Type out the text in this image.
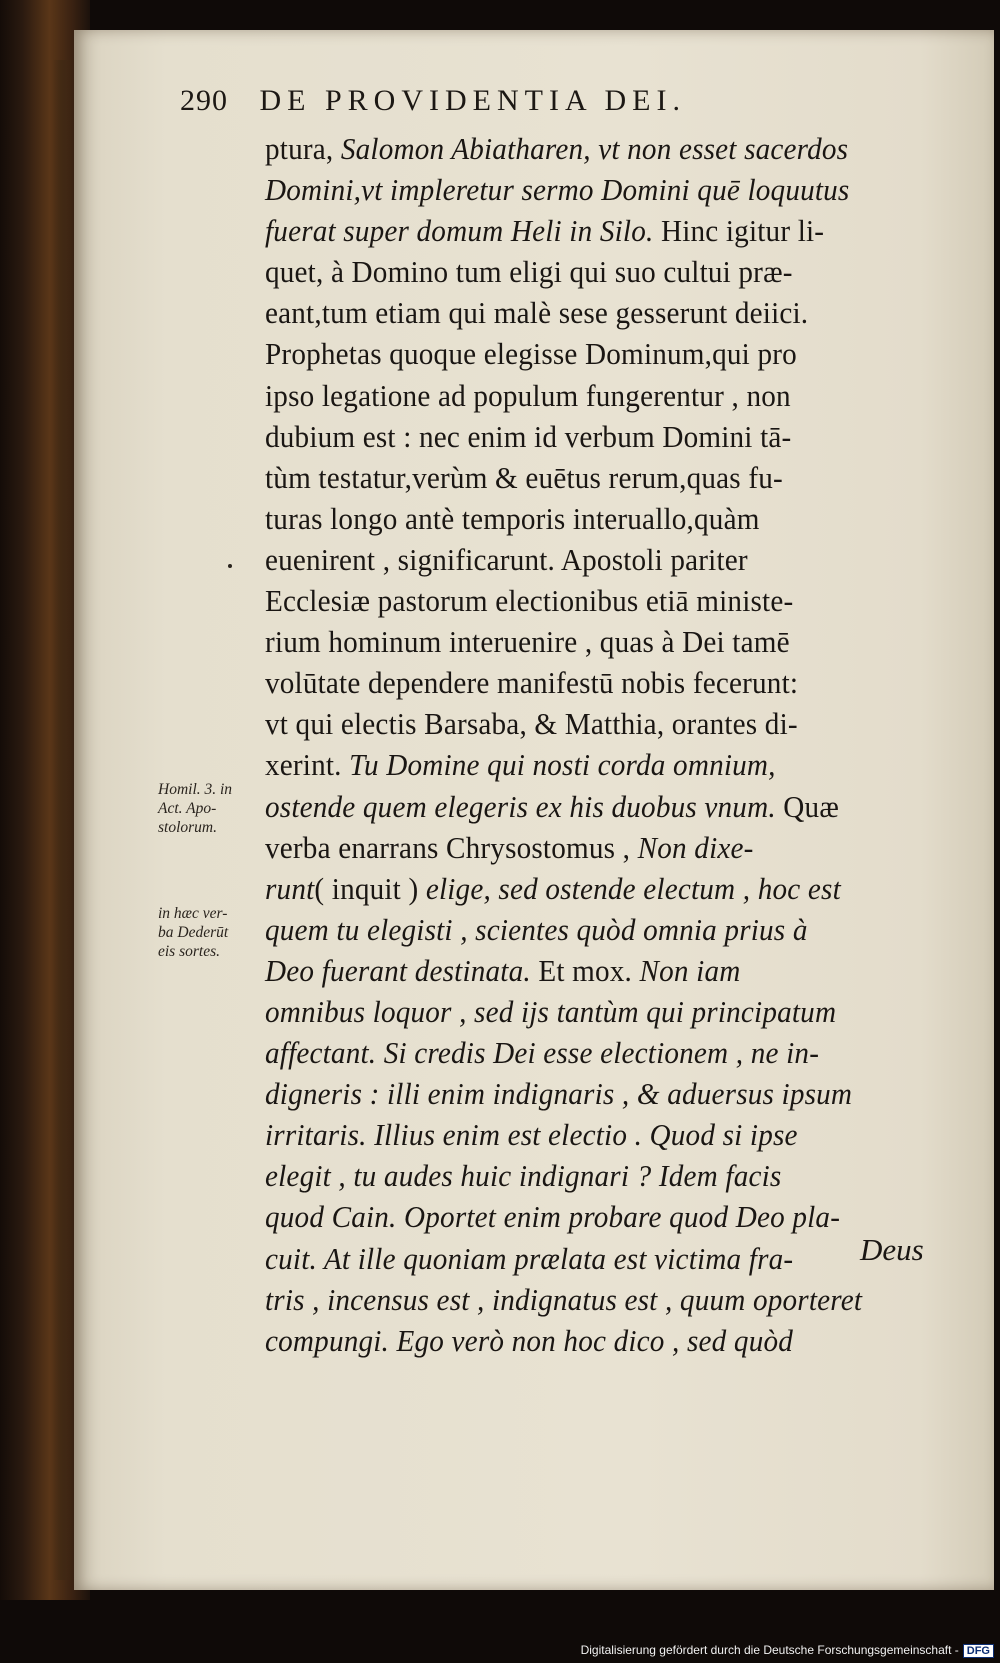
290 DE PROVIDENTIA DEI.
ptura, Salomon Abiatharen, vt non esset sacerdos
Domini,vt impleretur sermo Domini quē loquutus
fuerat super domum Heli in Silo. Hinc igitur li-
quet, à Domino tum eligi qui suo cultui præ-
eant,tum etiam qui malè sese gesserunt deiici.
Prophetas quoque elegisse Dominum,qui pro
ipso legatione ad populum fungerentur , non
dubium est : nec enim id verbum Domini tā-
tùm testatur,verùm & euētus rerum,quas fu-
turas longo antè temporis interuallo,quàm
euenirent , significarunt. Apostoli pariter
Ecclesiæ pastorum electionibus etiā ministe-
rium hominum interuenire , quas à Dei tamē
volūtate dependere manifestū nobis fecerunt:
vt qui electis Barsaba, & Matthia, orantes di-
xerint. Tu Domine qui nosti corda omnium,
ostende quem elegeris ex his duobus vnum. Quæ
verba enarrans Chrysostomus , Non dixe-
runt( inquit ) elige, sed ostende electum , hoc est
quem tu elegisti , scientes quòd omnia prius à
Deo fuerant destinata. Et mox. Non iam
omnibus loquor , sed ijs tantùm qui principatum
affectant. Si credis Dei esse electionem , ne in-
digneris : illi enim indignaris , & aduersus ipsum
irritaris. Illius enim est electio . Quod si ipse
elegit , tu audes huic indignari ? Idem facis
quod Cain. Oportet enim probare quod Deo pla-
cuit. At ille quoniam prælata est victima fra-
tris , incensus est , indignatus est , quum oporteret
compungi. Ego verò non hoc dico , sed quòd
Deus
Homil. 3. in
Act. Apo-
stolorum.
in hæc ver-
ba Dederūt
eis sortes.
Digitalisierung gefördert durch die Deutsche Forschungsgemeinschaft - DFG
